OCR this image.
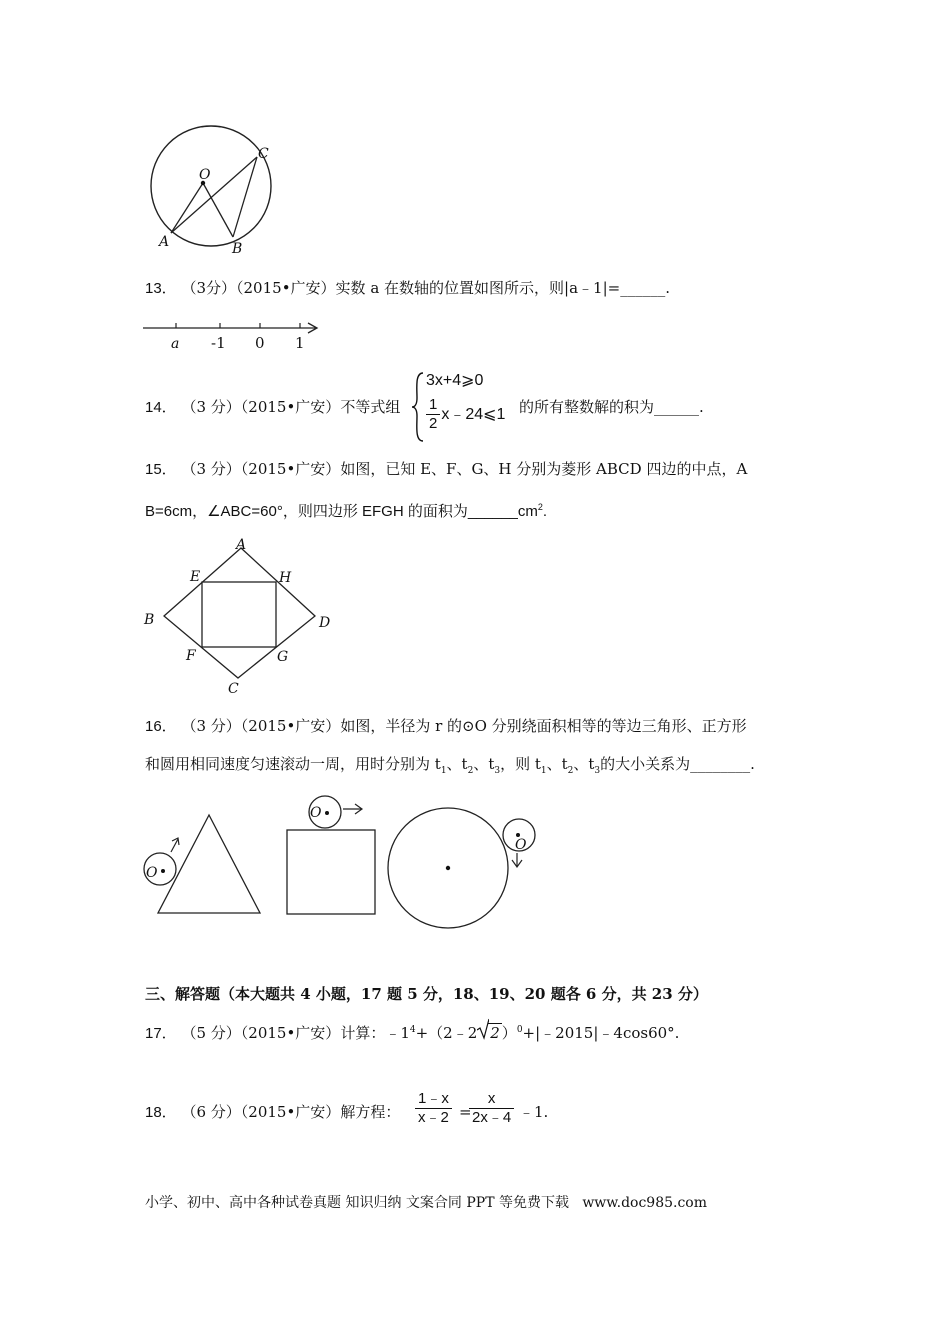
O
A	B
C
13． （3分）（2015•广安）实数 a 在数轴的位置如图所示，则|a﹣1|=______.
a -1 0 1
14． （3 分）（2015•广安）不等式组
3x+4⩾0
$\frac{1}{2}$ x﹣24⩽1 的所有整数解的积为______.
15． （3 分）（2015•广安）如图，已知 E、F、G、H 分别为菱形 ABCD 四边的中点，A
B=6cm，∠ABC=60°，则四边形 EFGH 的面积为$\_\_\_\_\_\_cm^2$.
A
B
C
D
E
F	G
H
16． （3 分）（2015•广安）如图，半径为 r 的⊙O 分别绕面积相等的等边三角形、正方形
和圆用相同速度匀速滚动一周，用时分别为 $t_1$、$t_2$、$t_3$，则 $t_1$、$t_2$、$t_3$的大小关系为________.
O
O
O
三、解答题（本大题共 4 小题，17 题 5 分，18、19、20 题各 6 分，共 23 分）
17． （5 分）（2015•广安）计算：$﹣1^4+(2﹣2$ 2 ）$^0$+|﹣2015|﹣4cos60°.
18． （6 分）（2015•广安）解方程： $\frac{1﹣x}{x﹣2}$ =
$\frac{x}{2x﹣4}$ ﹣1.
小学、初中、高中各种试卷真题 知识归纳 文案合同 PPT 等免费下载   www.doc985.com
